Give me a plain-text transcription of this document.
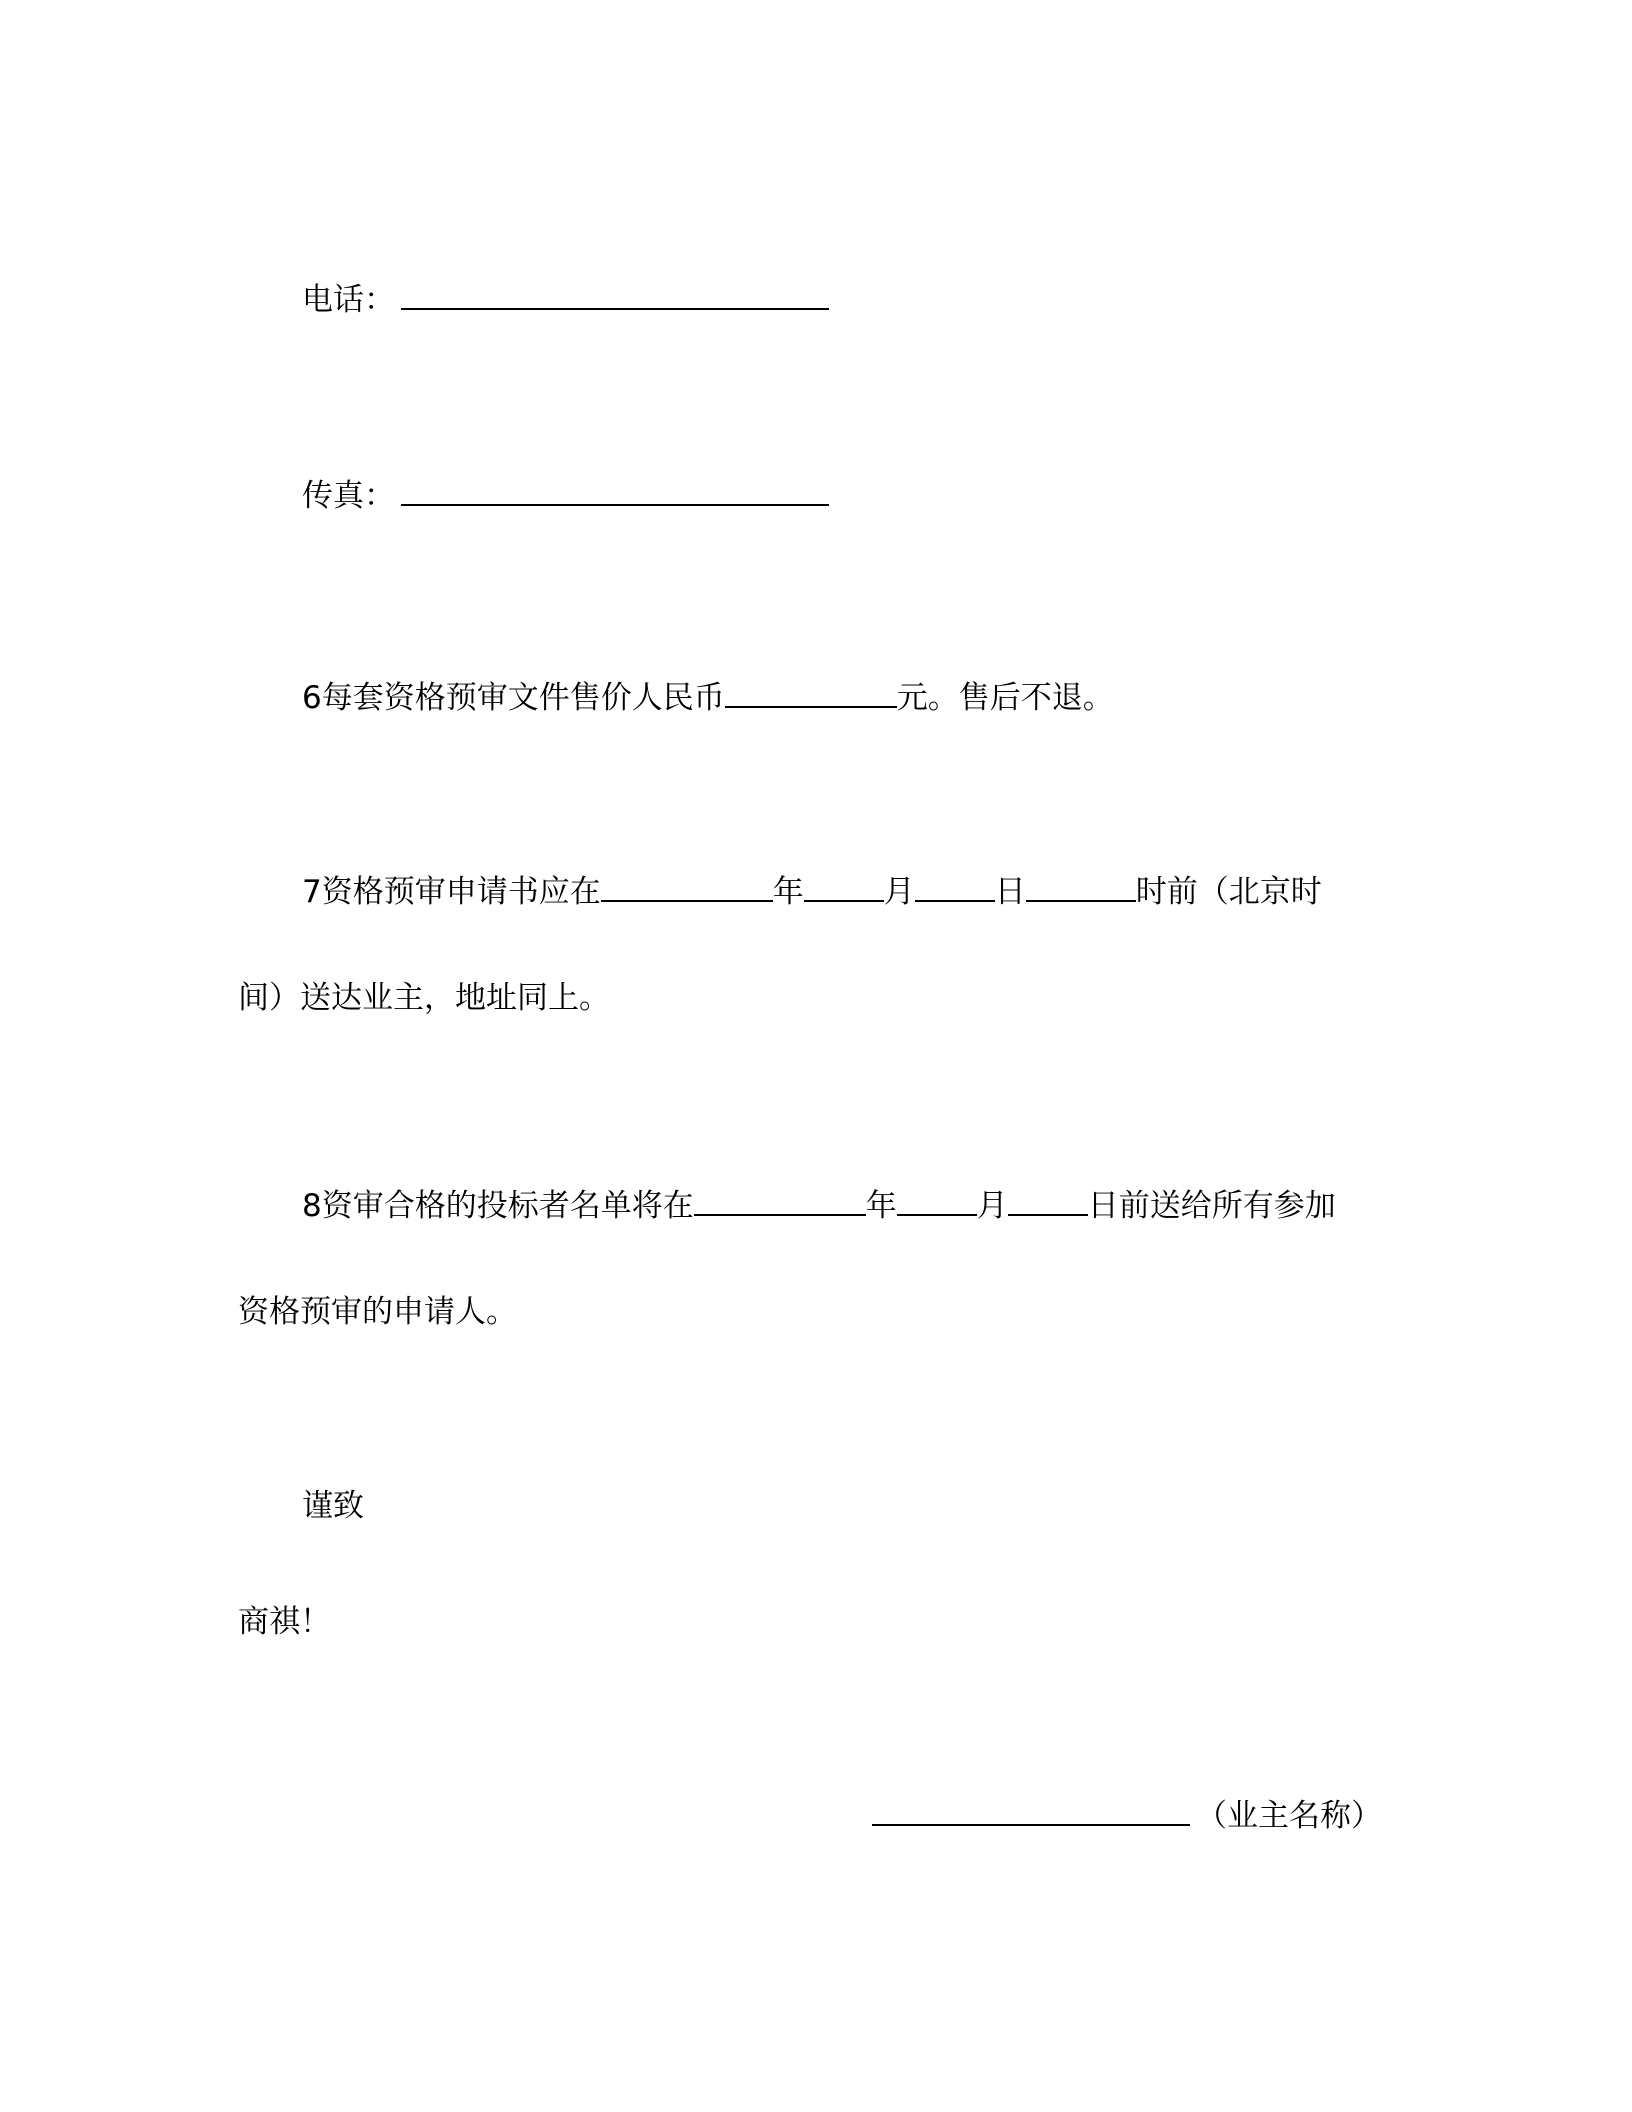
电话：
传真：
6每套资格预审文件售价人民币	元。售后不退。
7资格预审申请书应在	年	月	日	时前（北京时
间）送达业主，地址同上。
8资审合格的投标者名单将在	年	月	日前送给所有参加
资格预审的申请人。
谨致
商祺！
（业主名称）
